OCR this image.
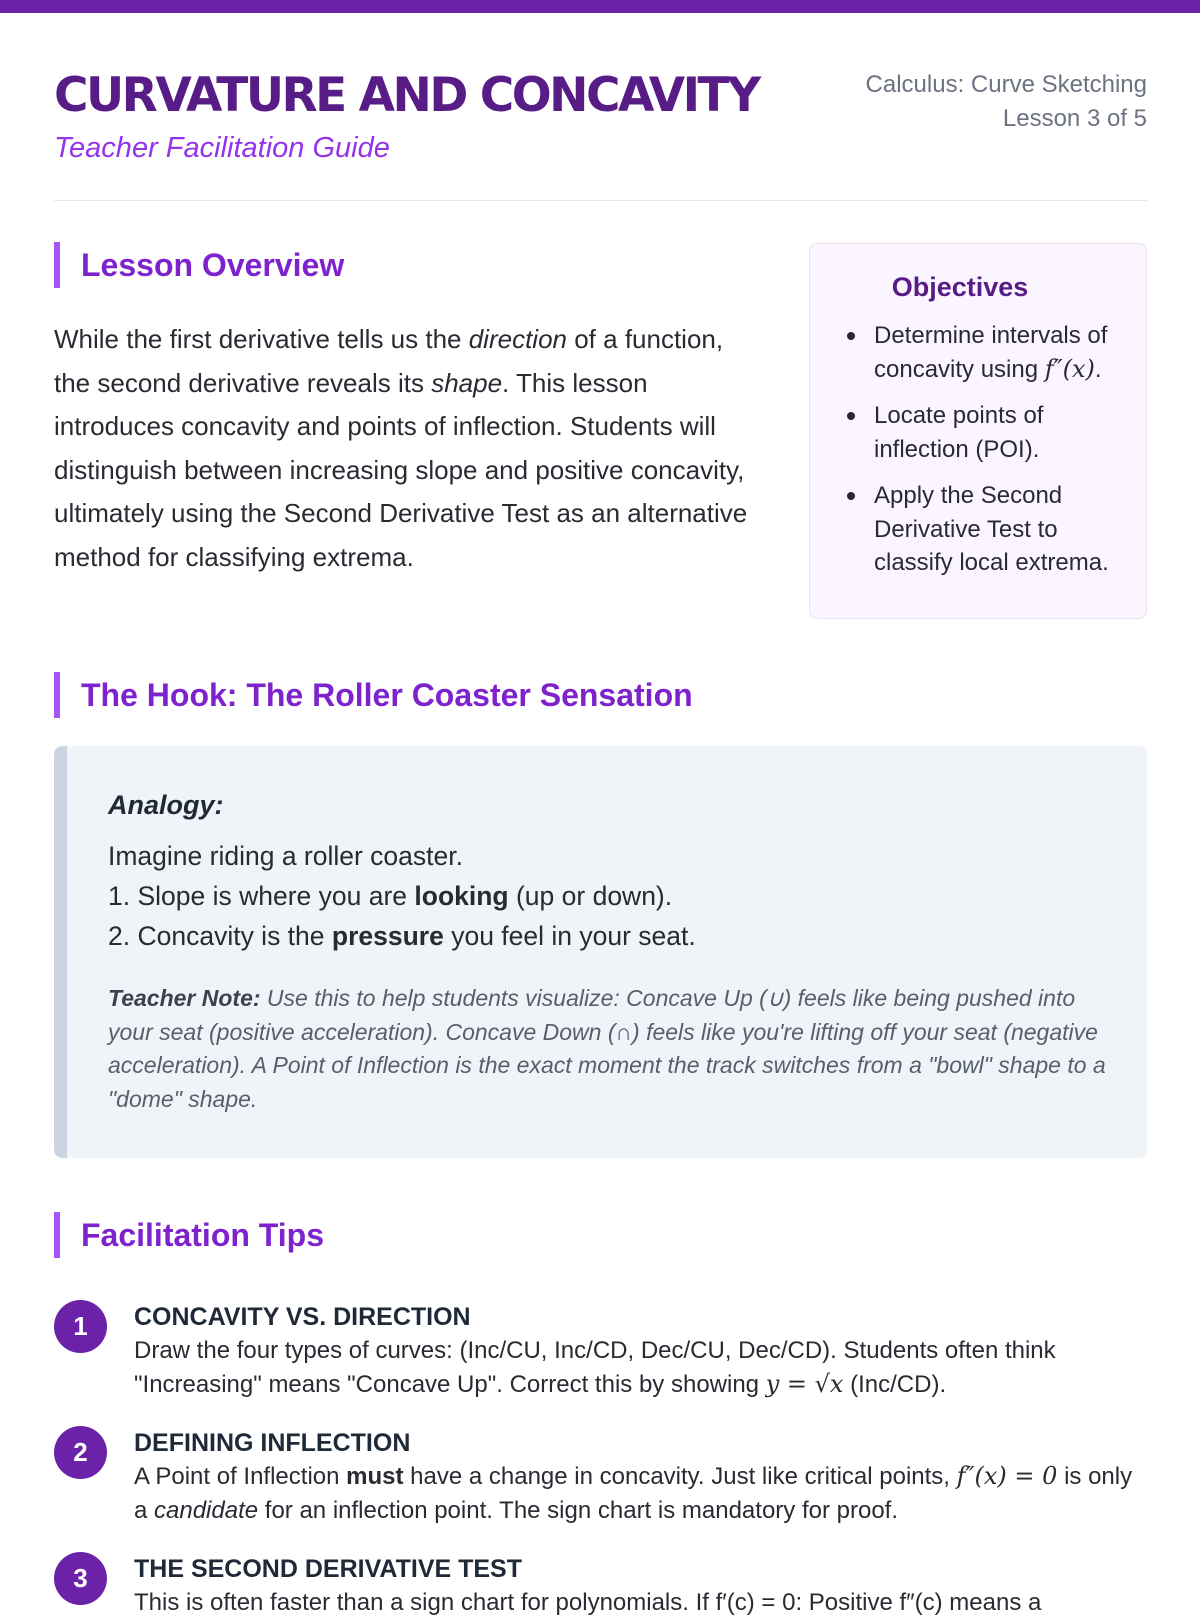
CURVATURE AND CONCAVITY
Teacher Facilitation Guide
Calculus: Curve Sketching
Lesson 3 of 5
Lesson Overview
While the first derivative tells us the direction of a function, the second derivative reveals its shape. This lesson introduces concavity and points of inflection. Students will distinguish between increasing slope and positive concavity, ultimately using the Second Derivative Test as an alternative method for classifying extrema.
Objectives
Determine intervals of concavity using f″(x).
Locate points of inflection (POI).
Apply the Second Derivative Test to classify local extrema.
The Hook: The Roller Coaster Sensation
Analogy:
Imagine riding a roller coaster.
1. Slope is where you are looking (up or down).
2. Concavity is the pressure you feel in your seat.
Teacher Note: Use this to help students visualize: Concave Up (∪) feels like being pushed into your seat (positive acceleration). Concave Down (∩) feels like you're lifting off your seat (negative acceleration). A Point of Inflection is the exact moment the track switches from a "bowl" shape to a "dome" shape.
Facilitation Tips
1	CONCAVITY VS. DIRECTION
Draw the four types of curves: (Inc/CU, Inc/CD, Dec/CU, Dec/CD). Students often think "Increasing" means "Concave Up". Correct this by showing y = √x (Inc/CD).
2	DEFINING INFLECTION
A Point of Inflection must have a change in concavity. Just like critical points, f″(x) = 0 is only a candidate for an inflection point. The sign chart is mandatory for proof.
3	THE SECOND DERIVATIVE TEST
This is often faster than a sign chart for polynomials. If f′(c) = 0: Positive f″(c) means a
